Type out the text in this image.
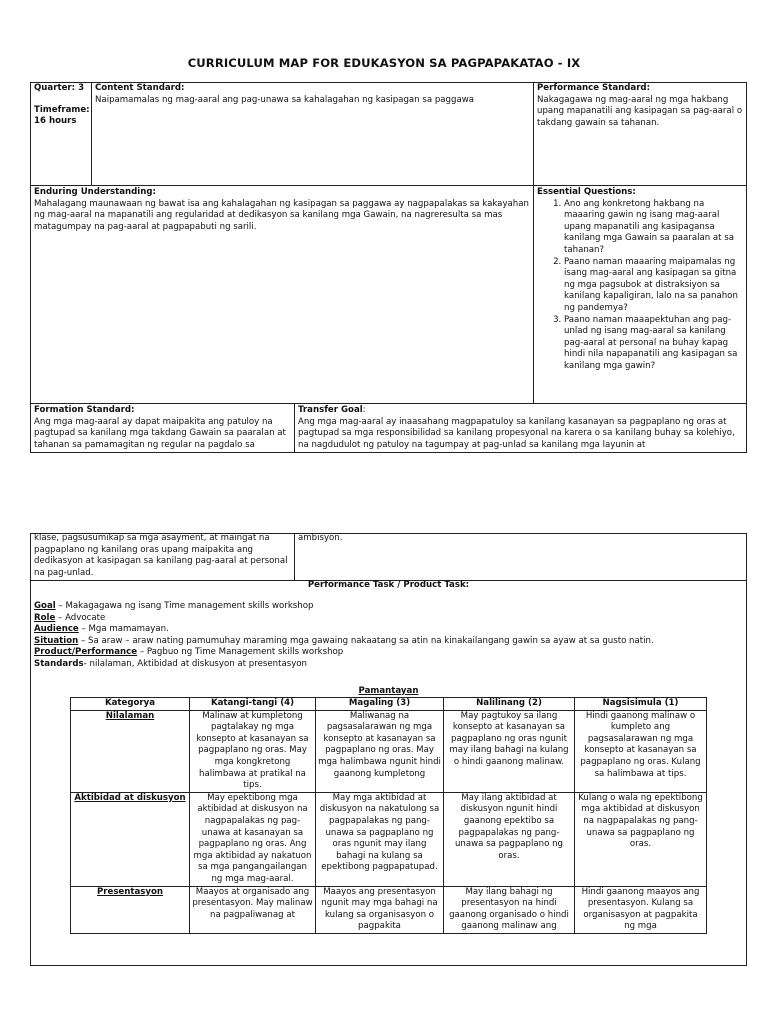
CURRICULUM MAP FOR EDUKASYON SA PAGPAPAKATAO - IX
Quarter: 3
Timeframe: 16 hours
Content Standard:
Naipamamalas ng mag-aaral ang pag-unawa sa kahalagahan ng kasipagan sa paggawa
Performance Standard:
Nakagagawa ng mag-aaral ng mga hakbang upang mapanatili ang kasipagan sa pag-aaral o takdang gawain sa tahanan.
Enduring Understanding:
Mahalagang maunawaan ng bawat isa ang kahalagahan ng kasipagan sa paggawa ay nagpapalakas sa kakayahan ng mag-aaral na mapanatili ang regularidad at dedikasyon sa kanilang mga Gawain, na nagreresulta sa mas matagumpay na pag-aaral at pagpapabuti ng sarili.
Essential Questions:
1. Ano ang konkretong hakbang na maaaring gawin ng isang mag-aaral upang mapanatili ang kasipagansa kanilang mga Gawain sa paaralan at sa tahanan?
2. Paano naman maaaring maipamalas ng isang mag-aaral ang kasipagan sa gitna ng mga pagsubok at distraksiyon sa kanilang kapaligiran, lalo na sa panahon ng pandemya?
3. Paano naman maaapektuhan ang pag-unlad ng isang mag-aaral sa kanilang pag-aaral at personal na buhay kapag hindi nila napapanatili ang kasipagan sa kanilang mga gawin?
Formation Standard:
Ang mga mag-aaral ay dapat maipakita ang patuloy na pagtupad sa kanilang mga takdang Gawain sa paaralan at tahanan sa pamamagitan ng regular na pagdalo sa
Transfer Goal:
Ang mga mag-aaral ay inaasahang magpapatuloy sa kanilang kasanayan sa pagpaplano ng oras at pagtupad sa mga responsibilidad sa kanilang propesyonal na karera o sa kanilang buhay sa kolehiyo, na nagdudulot ng patuloy na tagumpay at pag-unlad sa kanilang mga layunin at
klase, pagsusumikap sa mga asayment, at maingat na pagpaplano ng kanilang oras upang maipakita ang dedikasyon at kasipagan sa kanilang pag-aaral at personal na pag-unlad.
ambisyon.
Performance Task / Product Task:
Goal – Makagagawa ng isang Time management skills workshop
Role – Advocate
Audience – Mga mamamayan.
Situation – Sa araw – araw nating pamumuhay maraming mga gawaing nakaatang sa atin na kinakailangang gawin sa ayaw at sa gusto natin.
Product/Performance – Pagbuo ng Time Management skills workshop
Standards- nilalaman, Aktibidad at diskusyon at presentasyon
Pamantayan
Kategorya	Katangi-tangi (4)	Magaling (3)	Nalilinang (2)	Nagsisimula (1)
Nilalaman	Malinaw at kumpletong pagtalakay ng mga konsepto at kasanayan sa pagpaplano ng oras. May mga kongkretong halimbawa at pratikal na tips.	Maliwanag na pagsasalarawan ng mga konsepto at kasanayan sa pagpaplano ng oras. May mga halimbawa ngunit hindi gaanong kumpletong	May pagtukoy sa ilang konsepto at kasanayan sa pagpaplano ng oras ngunit may ilang bahagi na kulang o hindi gaanong malinaw.	Hindi gaanong malinaw o kumpleto ang pagsasalarawan ng mga konsepto at kasanayan sa pagpaplano ng oras. Kulang sa halimbawa at tips.
Aktibidad at diskusyon	May epektibong mga aktibidad at diskusyon na nagpapalakas ng pag-unawa at kasanayan sa pagpaplano ng oras. Ang mga aktibidad ay nakatuon sa mga pangangailangan ng mga mag-aaral.	May mga aktibidad at diskusyon na nakatulong sa pagpapalakas ng pang-unawa sa pagpaplano ng oras ngunit may ilang bahagi na kulang sa epektibong pagpapatupad.	May ilang aktibidad at diskusyon ngunit hindi gaanong epektibo sa pagpapalakas ng pang-unawa sa pagpaplano ng oras.	Kulang o wala ng epektibong mga aktibidad at diskusyon na nagpapalakas ng pang-unawa sa pagpaplano ng oras.
Presentasyon	Maayos at organisado ang presentasyon. May malinaw na pagpaliwanag at	Maayos ang presentasyon ngunit may mga bahagi na kulang sa organisasyon o pagpakita	May ilang bahagi ng presentasyon na hindi gaanong organisado o hindi gaanong malinaw ang	Hindi gaanong maayos ang presentasyon. Kulang sa organisasyon at pagpakita ng mga
